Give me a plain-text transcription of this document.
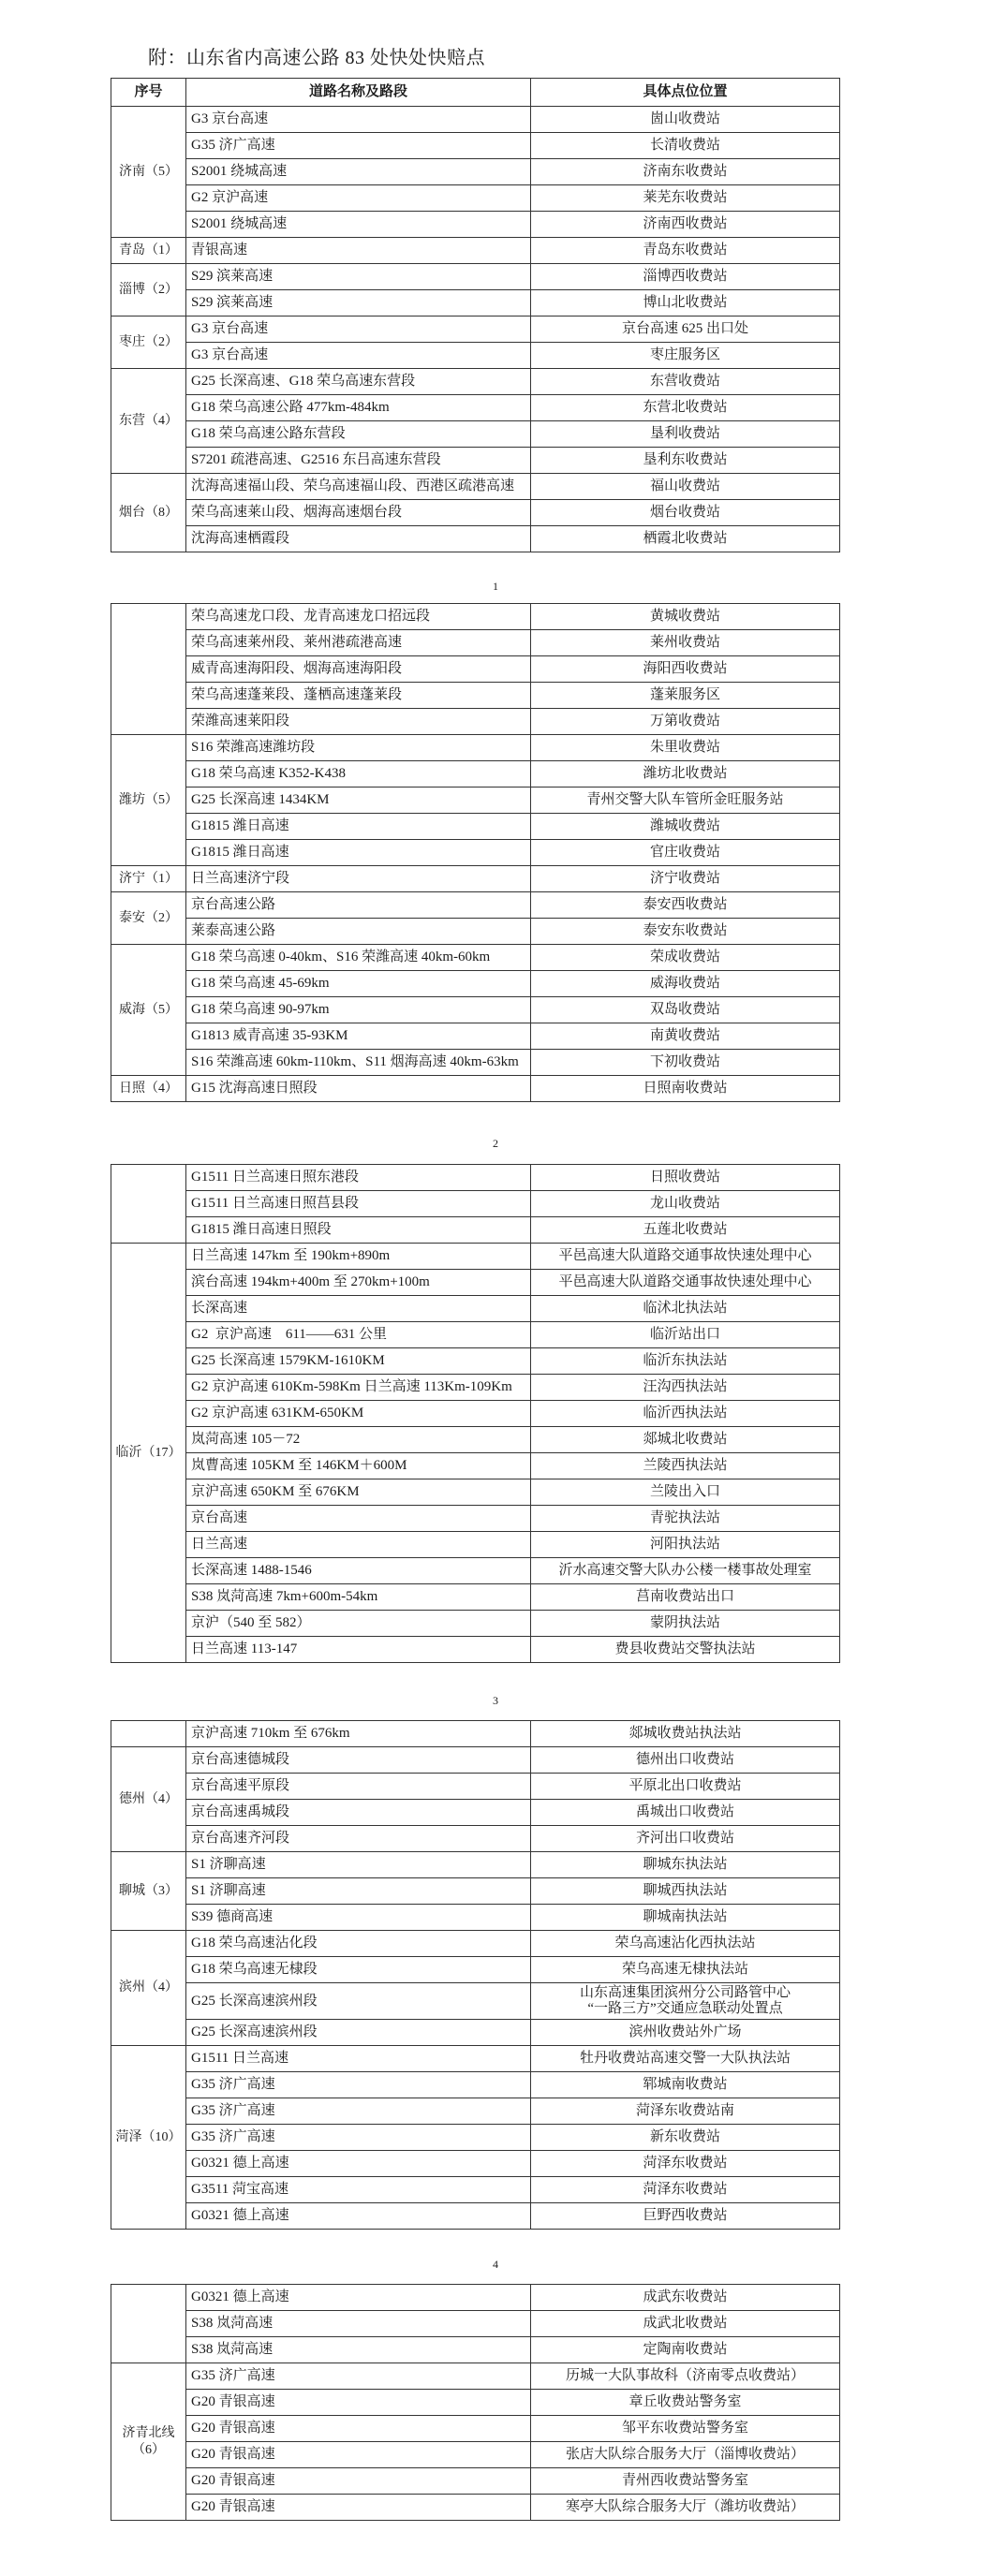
附：山东省内高速公路 83 处快处快赔点
序号	道路名称及路段	具体点位位置
济南（5）	G3 京台高速	崮山收费站
	G35 济广高速	长清收费站
	S2001 绕城高速	济南东收费站
	G2 京沪高速	莱芜东收费站
	S2001 绕城高速	济南西收费站
青岛（1）	青银高速	青岛东收费站
淄博（2）	S29 滨莱高速	淄博西收费站
	S29 滨莱高速	博山北收费站
枣庄（2）	G3 京台高速	京台高速 625 出口处
	G3 京台高速	枣庄服务区
东营（4）	G25 长深高速、G18 荣乌高速东营段	东营收费站
	G18 荣乌高速公路 477km-484km	东营北收费站
	G18 荣乌高速公路东营段	垦利收费站
	S7201 疏港高速、G2516 东吕高速东营段	垦利东收费站
烟台（8）	沈海高速福山段、荣乌高速福山段、西港区疏港高速	福山收费站
	荣乌高速莱山段、烟海高速烟台段	烟台收费站
	沈海高速栖霞段	栖霞北收费站
1
	荣乌高速龙口段、龙青高速龙口招远段	黄城收费站
	荣乌高速莱州段、莱州港疏港高速	莱州收费站
	威青高速海阳段、烟海高速海阳段	海阳西收费站
	荣乌高速蓬莱段、蓬栖高速蓬莱段	蓬莱服务区
	荣潍高速莱阳段	万第收费站
潍坊（5）	S16 荣潍高速潍坊段	朱里收费站
	G18 荣乌高速 K352-K438	潍坊北收费站
	G25 长深高速 1434KM	青州交警大队车管所金旺服务站
	G1815 潍日高速	潍城收费站
	G1815 潍日高速	官庄收费站
济宁（1）	日兰高速济宁段	济宁收费站
泰安（2）	京台高速公路	泰安西收费站
	莱泰高速公路	泰安东收费站
威海（5）	G18 荣乌高速 0-40km、S16 荣潍高速 40km-60km	荣成收费站
	G18 荣乌高速 45-69km	威海收费站
	G18 荣乌高速 90-97km	双岛收费站
	G1813 威青高速 35-93KM	南黄收费站
	S16 荣潍高速 60km-110km、S11 烟海高速 40km-63km	下初收费站
日照（4）	G15 沈海高速日照段	日照南收费站
2
	G1511 日兰高速日照东港段	日照收费站
	G1511 日兰高速日照莒县段	龙山收费站
	G1815 潍日高速日照段	五莲北收费站
临沂（17）	日兰高速 147km 至 190km+890m	平邑高速大队道路交通事故快速处理中心
	滨台高速 194km+400m 至 270km+100m	平邑高速大队道路交通事故快速处理中心
	长深高速	临沭北执法站
	G2  京沪高速    611——631 公里	临沂站出口
	G25 长深高速 1579KM-1610KM	临沂东执法站
	G2 京沪高速 610Km-598Km 日兰高速 113Km-109Km	汪沟西执法站
	G2 京沪高速 631KM-650KM	临沂西执法站
	岚菏高速 105－72	郯城北收费站
	岚曹高速 105KM 至 146KM＋600M	兰陵西执法站
	京沪高速 650KM 至 676KM	兰陵出入口
	京台高速	青驼执法站
	日兰高速	河阳执法站
	长深高速 1488-1546	沂水高速交警大队办公楼一楼事故处理室
	S38 岚菏高速 7km+600m-54km	莒南收费站出口
	京沪（540 至 582）	蒙阴执法站
	日兰高速 113-147	费县收费站交警执法站
3
	京沪高速 710km 至 676km	郯城收费站执法站
德州（4）	京台高速德城段	德州出口收费站
	京台高速平原段	平原北出口收费站
	京台高速禹城段	禹城出口收费站
	京台高速齐河段	齐河出口收费站
聊城（3）	S1 济聊高速	聊城东执法站
	S1 济聊高速	聊城西执法站
	S39 德商高速	聊城南执法站
滨州（4）	G18 荣乌高速沾化段	荣乌高速沾化西执法站
	G18 荣乌高速无棣段	荣乌高速无棣执法站
	G25 长深高速滨州段	山东高速集团滨州分公司路管中心
“一路三方”交通应急联动处置点
	G25 长深高速滨州段	滨州收费站外广场
菏泽（10）	G1511 日兰高速	牡丹收费站高速交警一大队执法站
	G35 济广高速	郓城南收费站
	G35 济广高速	菏泽东收费站南
	G35 济广高速	新东收费站
	G0321 德上高速	菏泽东收费站
	G3511 菏宝高速	菏泽东收费站
	G0321 德上高速	巨野西收费站
4
	G0321 德上高速	成武东收费站
	S38 岚菏高速	成武北收费站
	S38 岚菏高速	定陶南收费站
济青北线
（6）	G35 济广高速	历城一大队事故科（济南零点收费站）
	G20 青银高速	章丘收费站警务室
	G20 青银高速	邹平东收费站警务室
	G20 青银高速	张店大队综合服务大厅（淄博收费站）
	G20 青银高速	青州西收费站警务室
	G20 青银高速	寒亭大队综合服务大厅（潍坊收费站）
